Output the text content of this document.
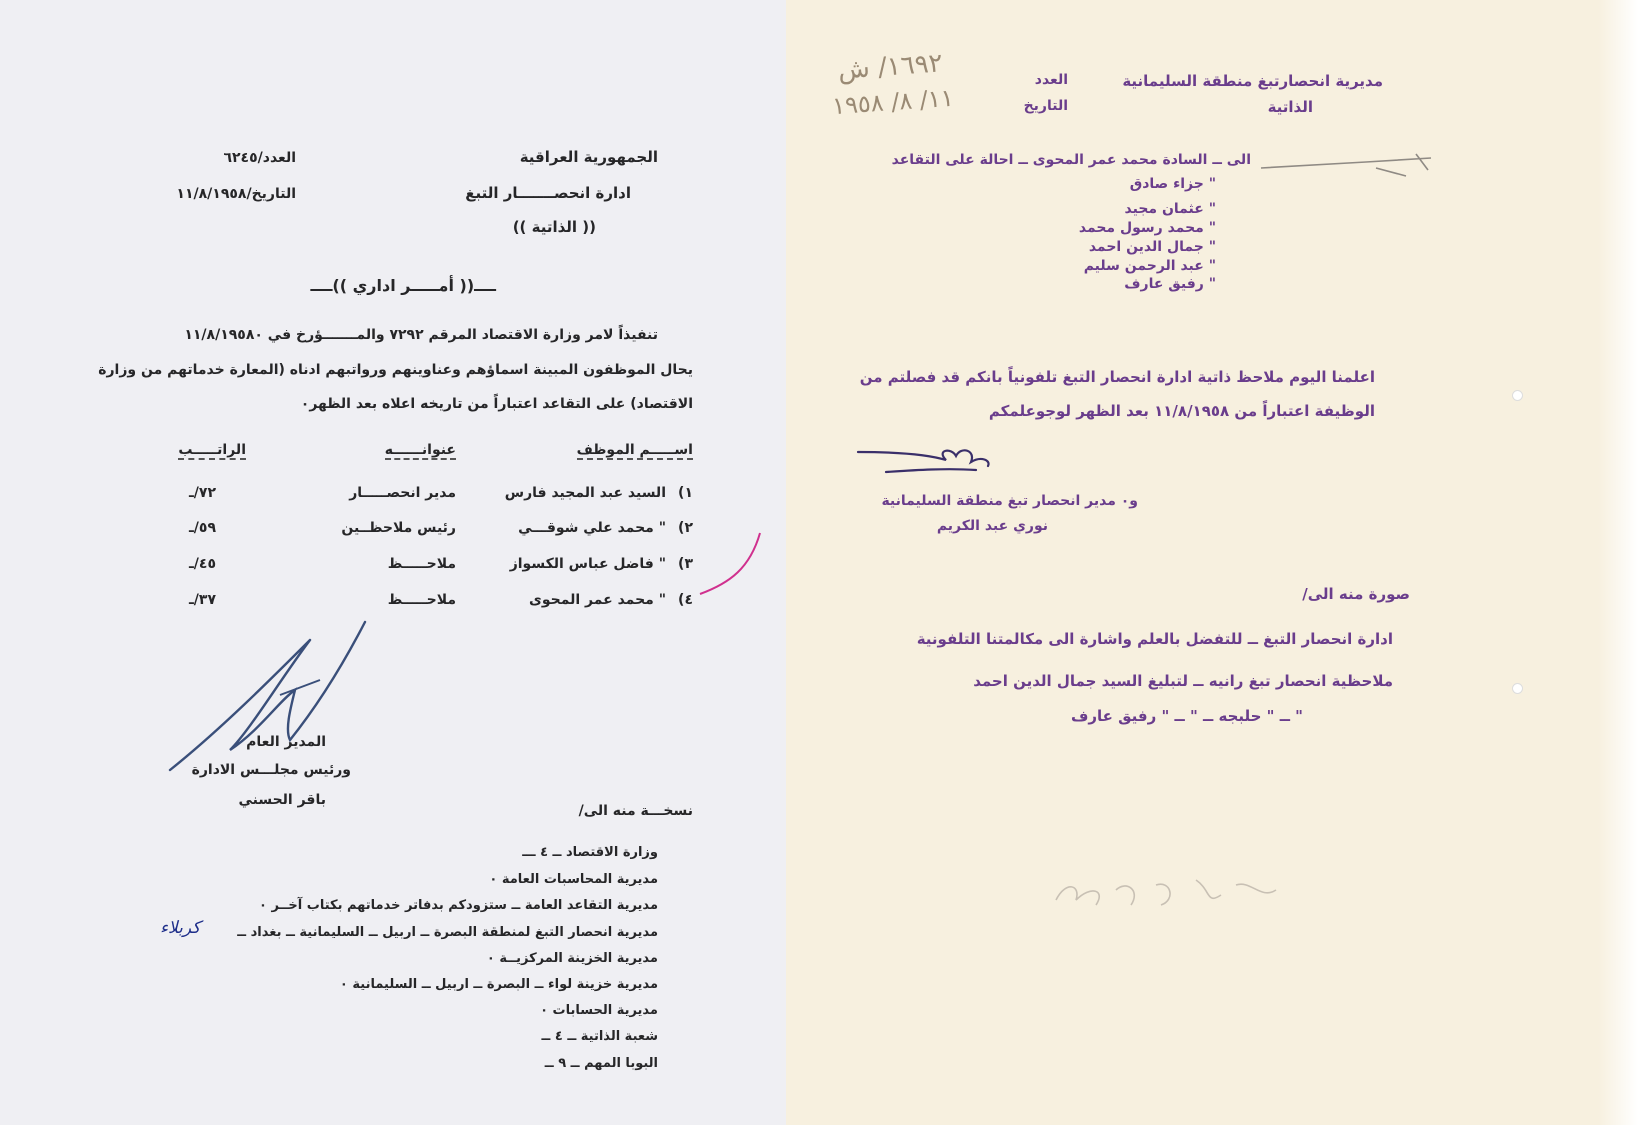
الجمهورية العراقية
ادارة انحصـــــــار التبغ
(( الذاتية ))
العدد/٦٢٤٥
التاريخ/١١/٨/١٩٥٨
ــــ(( أمـــــر اداري ))ــــ
تنفيذاً لامر وزارة الاقتصاد المرقم ٧٢٩٢ والمـــــــؤرخ في ١١/٨/١٩٥٨٠
يحال الموظفون المبينة اسماؤهم وعناوينهم ورواتبهم ادناه (المعارة خدماتهم من وزارة
الاقتصاد) على التقاعد اعتباراً من تاريخه اعلاه بعد الظهر٠
اســـــم الموظف
عنوانــــــه
الراتـــــب
١)
السيد عبد المجيد فارس
مدير انحصـــــار
٧٢/ـ
٢)
" محمد علي شوقـــي
رئيس ملاحظــين
٥٩/ـ
٣)
" فاضل عباس الكسواز
ملاحـــــظ
٤٥/ـ
٤)
" محمد عمر المحوى
ملاحـــــظ
٣٧/ـ
المدير العام
ورئيس مجلـــس الادارة
باقر الحسني
نسخـــة منه الى/
وزارة الاقتصاد ــ ٤ ـــ
مديرية المحاسبات العامة ٠
مديرية التقاعد العامة ــ ستزودكم بدفاتر خدماتهم بكتاب آخــر ٠
مديرية انحصار التبغ لمنطقة البصرة ــ اربيل ــ السليمانية ــ بغداد ــ
مديرية الخزينة المركزيــة ٠
مديرية خزينة لواء ــ البصرة ــ اربيل ــ السليمانية ٠
مديرية الحسابات ٠
شعبة الذاتية ــ ٤ ــ
البوبا المهم ــ ٩ ــ
كربلاء
مديرية انحصارتبغ منطقة السليمانية
الذاتية
العدد
التاريخ
١٦٩٢/ ش
١١/ ٨/ ١٩٥٨
الى ــ السادة محمد عمر المحوى ــ احالة على التقاعد
" جزاء صادق
" عثمان مجيد
" محمد رسول محمد
" جمال الدين احمد
" عبد الرحمن سليم
" رفيق عارف
اعلمنا اليوم ملاحظ ذاتية ادارة انحصار التبغ تلفونياً بانكم قد فصلتم من
الوظيفة اعتباراً من ١١/٨/١٩٥٨ بعد الظهر لوجوعلمكم
و٠ مدير انحصار تبغ منطقة السليمانية
نوري عبد الكريم
صورة منه الى/
ادارة انحصار التبغ ــ للتفضل بالعلم واشارة الى مكالمتنا التلفونية
ملاحظية انحصار تبغ رانيه ــ لتبليغ السيد جمال الدين احمد
" ــ " حلبجه ــ " ــ " رفيق عارف
